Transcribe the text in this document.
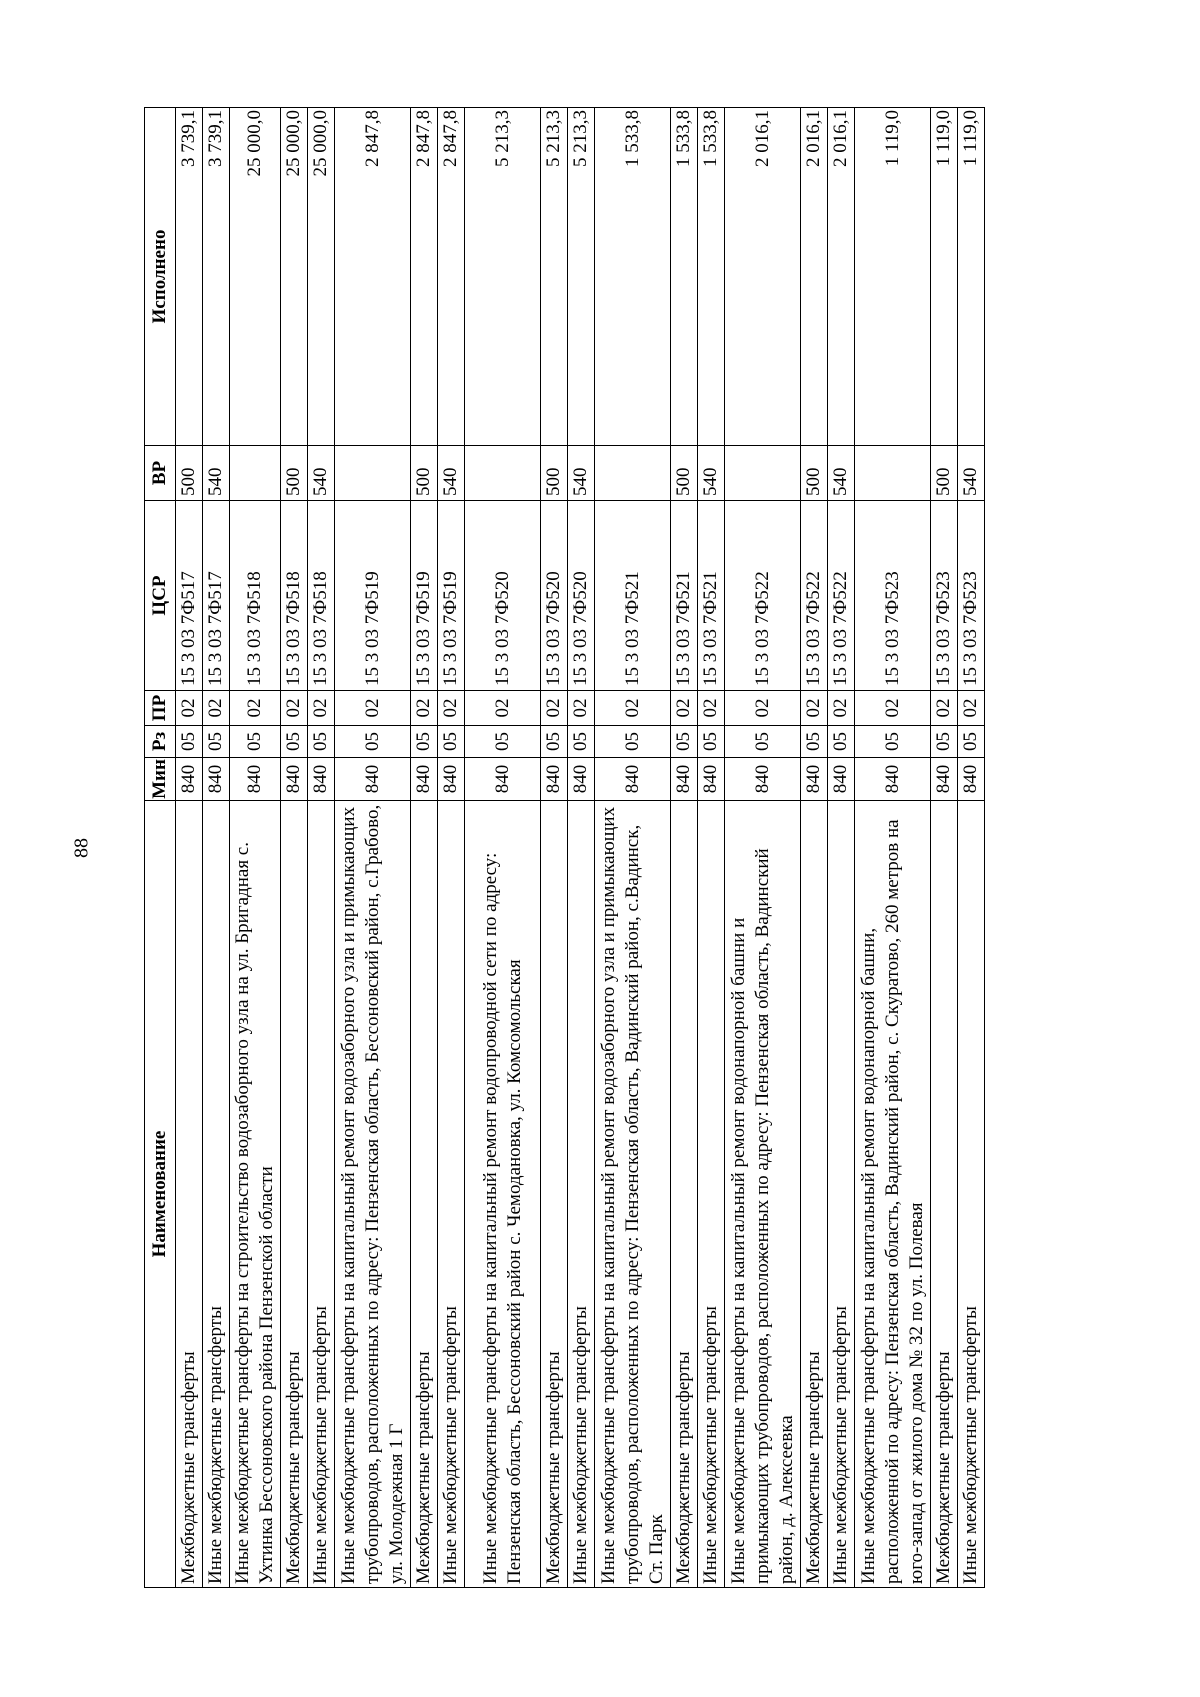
88
Наименование	Мин	Рз	ПР	ЦСР	ВР	Исполнено
Межбюджетные трансферты	840	05	02	15 3 03 7Ф517	500	3 739,1
Иные межбюджетные трансферты	840	05	02	15 3 03 7Ф517	540	3 739,1
Иные межбюджетные трансферты на строительство водозаборного узла на ул. Бригадная с. Ухтинка Бессоновского района Пензенской области	840	05	02	15 3 03 7Ф518		25 000,0
Межбюджетные трансферты	840	05	02	15 3 03 7Ф518	500	25 000,0
Иные межбюджетные трансферты	840	05	02	15 3 03 7Ф518	540	25 000,0
Иные межбюджетные трансферты на капитальный ремонт водозаборного узла и примыкающих трубопроводов, расположенных по адресу: Пензенская область, Бессоновский район, с.Грабово, ул. Молодежная 1 Г	840	05	02	15 3 03 7Ф519		2 847,8
Межбюджетные трансферты	840	05	02	15 3 03 7Ф519	500	2 847,8
Иные межбюджетные трансферты	840	05	02	15 3 03 7Ф519	540	2 847,8
Иные межбюджетные трансферты на капитальный ремонт водопроводной сети по адресу: Пензенская область, Бессоновский район с. Чемодановка, ул. Комсомольская	840	05	02	15 3 03 7Ф520		5 213,3
Межбюджетные трансферты	840	05	02	15 3 03 7Ф520	500	5 213,3
Иные межбюджетные трансферты	840	05	02	15 3 03 7Ф520	540	5 213,3
Иные межбюджетные трансферты на капитальный ремонт водозаборного узла и примыкающих трубопроводов, расположенных по адресу: Пензенская область, Вадинский район, с.Вадинск, Ст. Парк	840	05	02	15 3 03 7Ф521		1 533,8
Межбюджетные трансферты	840	05	02	15 3 03 7Ф521	500	1 533,8
Иные межбюджетные трансферты	840	05	02	15 3 03 7Ф521	540	1 533,8
Иные межбюджетные трансферты на капитальный ремонт водонапорной башни и примыкающих трубопроводов, расположенных по адресу: Пензенская область, Вадинский район, д. Алексеевка	840	05	02	15 3 03 7Ф522		2 016,1
Межбюджетные трансферты	840	05	02	15 3 03 7Ф522	500	2 016,1
Иные межбюджетные трансферты	840	05	02	15 3 03 7Ф522	540	2 016,1
Иные межбюджетные трансферты на капитальный ремонт водонапорной башни, расположенной по адресу: Пензенская область, Вадинский район, с. Скуратово, 260 метров на юго-запад от жилого дома № 32 по ул. Полевая	840	05	02	15 3 03 7Ф523		1 119,0
Межбюджетные трансферты	840	05	02	15 3 03 7Ф523	500	1 119,0
Иные межбюджетные трансферты	840	05	02	15 3 03 7Ф523	540	1 119,0
